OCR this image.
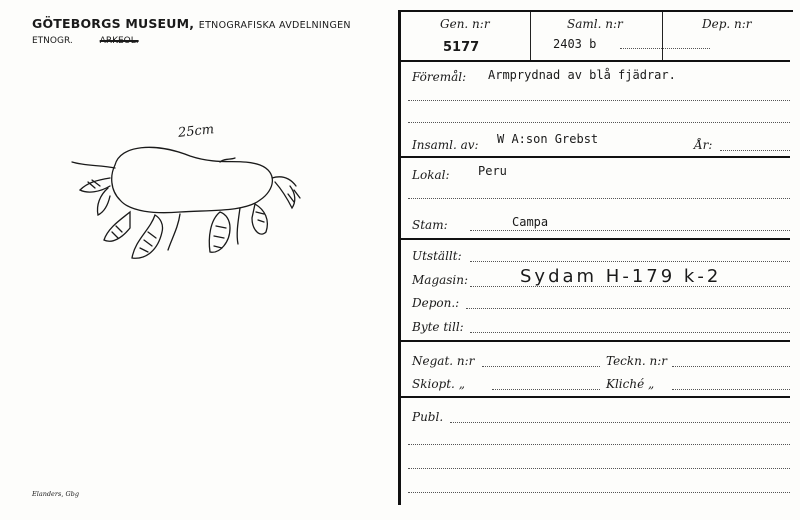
GÖTEBORGS MUSEUM, ETNOGRAFISKA AVDELNINGEN
ETNOGR.	ARKEOL.
25cm
Elanders, Gbg
Gen. n:r
5177
Saml. n:r
2403 b
Dep. n:r
Föremål: Armprydnad av blå fjädrar.
Insaml. av: W A:son Grebst	År:
Lokal: Peru
Stam:	Campa
Utställt:
Magasin:	Sydam H-179 k-2
Depon.:
Byte till:
Negat. n:r	Teckn. n:r
Skiopt. „	Kliché „
Publ.
